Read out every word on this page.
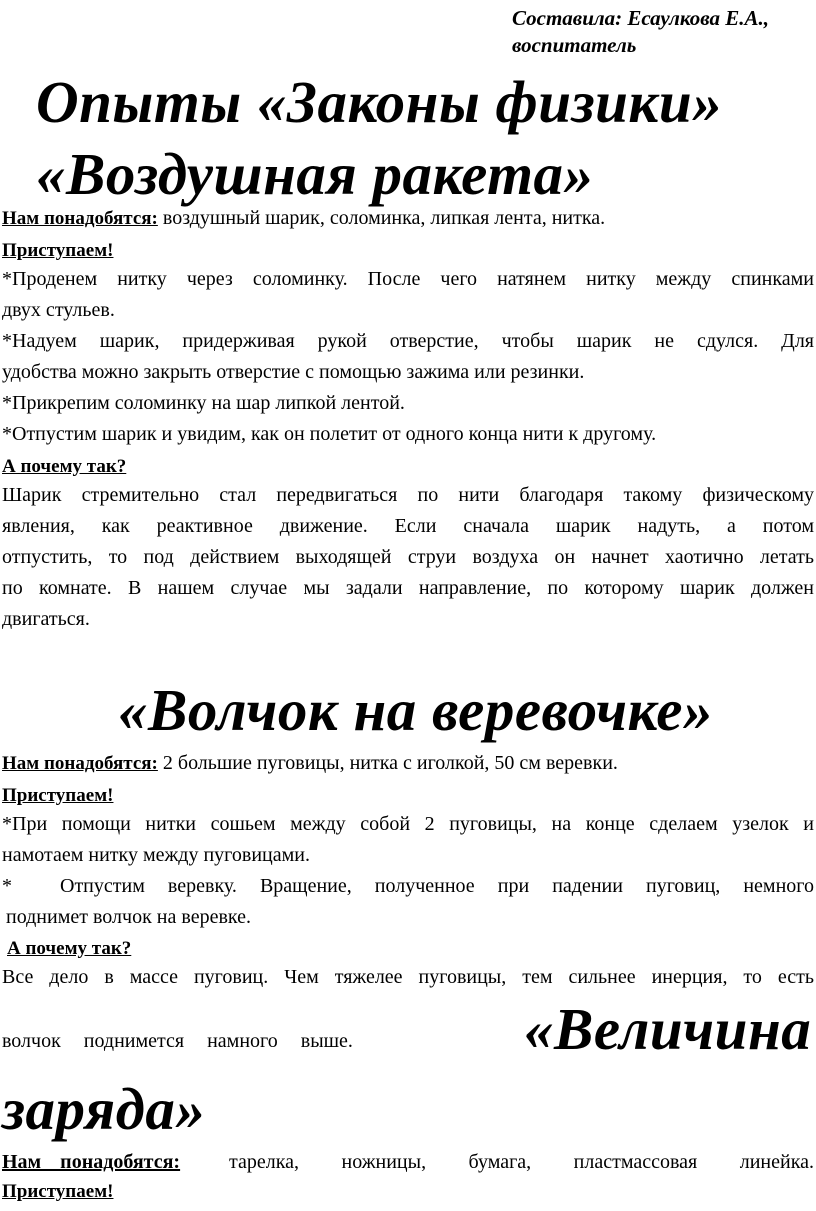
Составила: Есаулкова Е.А.,
воспитатель
Опыты «Законы физики»
«Воздушная ракета»
Нам понадобятся: воздушный шарик, соломинка, липкая лента, нитка.
Приступаем!
*Проденем нитку через соломинку. После чего натянем нитку между спинками
двух стульев.
*Надуем шарик, придерживая рукой отверстие, чтобы шарик не сдулся. Для
удобства можно закрыть отверстие с помощью зажима или резинки.
*Прикрепим соломинку на шар липкой лентой.
*Отпустим шарик и увидим, как он полетит от одного конца нити к другому.
А почему так?
Шарик стремительно стал передвигаться по нити благодаря такому физическому
явления, как реактивное движение. Если сначала шарик надуть, а потом
отпустить, то под действием выходящей струи воздуха он начнет хаотично летать
по комнате. В нашем случае мы задали направление, по которому шарик должен
двигаться.
«Волчок на веревочке»
Нам понадобятся: 2 большие пуговицы, нитка с иголкой, 50 см веревки.
Приступаем!
*При помощи нитки сошьем между собой 2 пуговицы, на конце сделаем узелок и
намотаем нитку между пуговицами.
* Отпустим веревку. Вращение, полученное при падении пуговиц, немного
поднимет волчок на веревке.
А почему так?
Все дело в массе пуговиц. Чем тяжелее пуговицы, тем сильнее инерция, то есть
волчок поднимется намного выше.	«Величина
заряда»
Нам понадобятся: тарелка, ножницы, бумага, пластмассовая линейка.
Приступаем!
